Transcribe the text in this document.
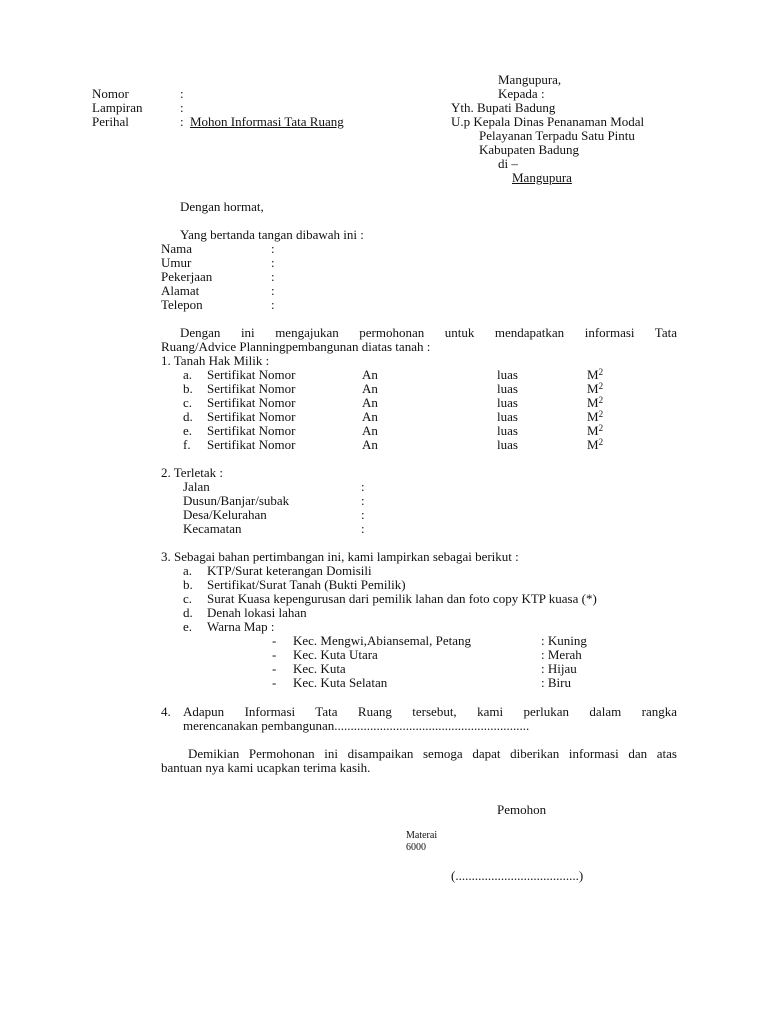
Nomor	:
Lampiran	:
Perihal	: Mohon Informasi Tata Ruang
Mangupura,
Kepada :
Yth. Bupati Badung
U.p Kepala Dinas Penanaman Modal
Pelayanan Terpadu Satu Pintu
Kabupaten Badung
di –
Mangupura
Dengan hormat,
Yang bertanda tangan dibawah ini :
Nama	:
Umur	:
Pekerjaan	:
Alamat	:
Telepon	:
Dengan ini mengajukan permohonan untuk mendapatkan informasi Tata
Ruang/Advice Planningpembangunan diatas tanah :
1. Tanah Hak Milik :
a. Sertifikat Nomor	An	luas	$M^2$
b. Sertifikat Nomor	An	luas	$M^2$
c. Sertifikat Nomor	An	luas	$M^2$
d. Sertifikat Nomor	An	luas	$M^2$
e. Sertifikat Nomor	An	luas	$M^2$
f. Sertifikat Nomor	An	luas	$M^2$
2. Terletak :
Jalan	:
Dusun/Banjar/subak	:
Desa/Kelurahan	:
Kecamatan	:
3. Sebagai bahan pertimbangan ini, kami lampirkan sebagai berikut :
a. KTP/Surat keterangan Domisili
b. Sertifikat/Surat Tanah (Bukti Pemilik)
c. Surat Kuasa kepengurusan dari pemilik lahan dan foto copy KTP kuasa (*)
d. Denah lokasi lahan
e. Warna Map :
- Kec. Mengwi,Abiansemal, Petang	: Kuning
- Kec. Kuta Utara	: Merah
- Kec. Kuta	: Hijau
- Kec. Kuta Selatan	: Biru
4. Adapun Informasi Tata Ruang tersebut, kami perlukan dalam rangka
merencanakan pembangunan............................................................
Demikian Permohonan ini disampaikan semoga dapat diberikan informasi dan atas
bantuan nya kami ucapkan terima kasih.
Pemohon
Materai
6000
(......................................)
